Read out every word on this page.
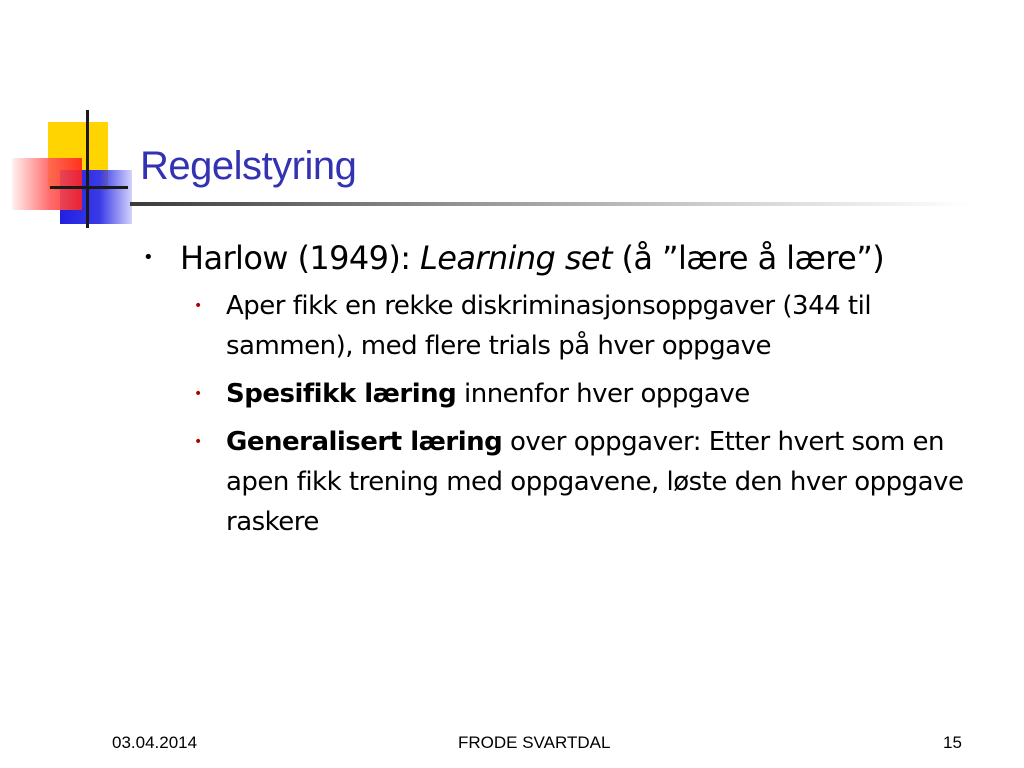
Regelstyring
• Harlow (1949): Learning set (å ”lære å lære”)
• Aper fikk en rekke diskriminasjonsoppgaver (344 til sammen), med flere trials på hver oppgave
• Spesifikk læring innenfor hver oppgave
• Generalisert læring over oppgaver: Etter hvert som en apen fikk trening med oppgavene, løste den hver oppgave raskere
03.04.2014	FRODE SVARTDAL	15
